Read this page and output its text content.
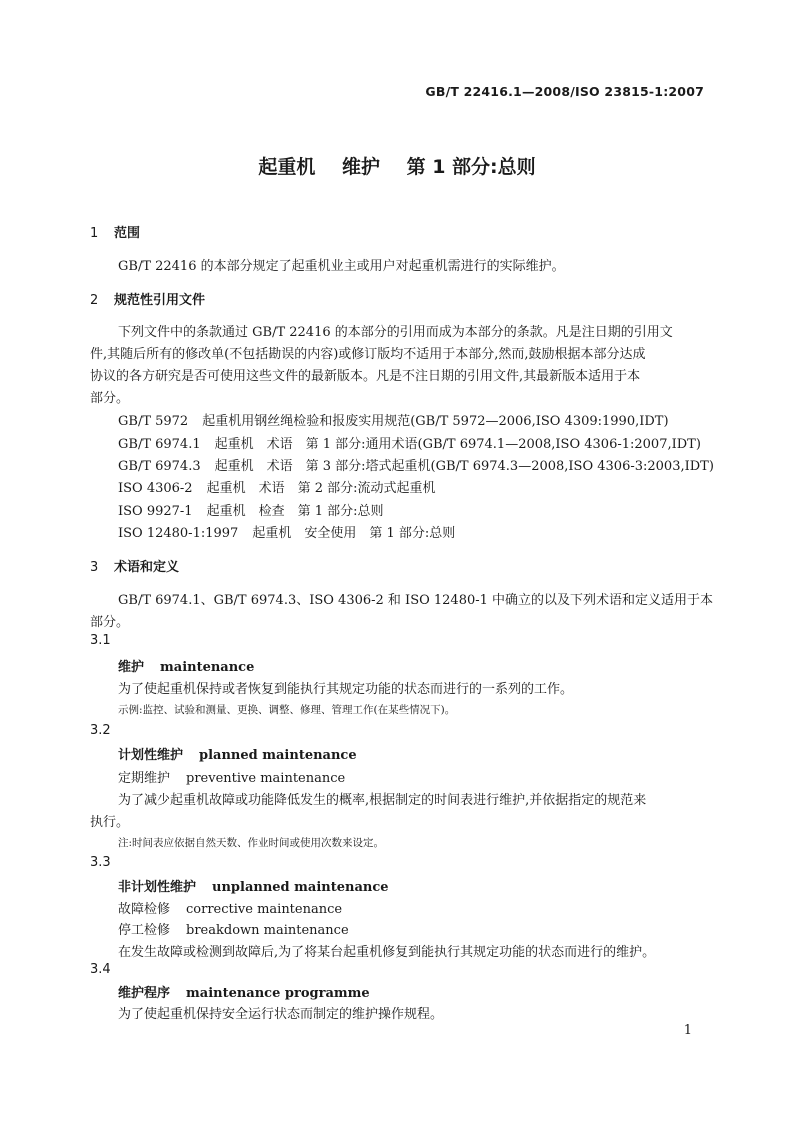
GB/T 22416.1—2008/ISO 23815-1:2007
起重机 维护 第 1 部分:总则
1 范围
GB/T 22416 的本部分规定了起重机业主或用户对起重机需进行的实际维护。
2 规范性引用文件
下列文件中的条款通过 GB/T 22416 的本部分的引用而成为本部分的条款。凡是注日期的引用文
件,其随后所有的修改单(不包括勘误的内容)或修订版均不适用于本部分,然而,鼓励根据本部分达成
协议的各方研究是否可使用这些文件的最新版本。凡是不注日期的引用文件,其最新版本适用于本
部分。
GB/T 5972 起重机用钢丝绳检验和报废实用规范(GB/T 5972—2006,ISO 4309:1990,IDT)
GB/T 6974.1 起重机　术语　第 1 部分:通用术语(GB/T 6974.1—2008,ISO 4306-1:2007,IDT)
GB/T 6974.3 起重机　术语　第 3 部分:塔式起重机(GB/T 6974.3—2008,ISO 4306-3:2003,IDT)
ISO 4306-2 起重机　术语　第 2 部分:流动式起重机
ISO 9927-1 起重机　检查　第 1 部分:总则
ISO 12480-1:1997 起重机　安全使用　第 1 部分:总则
3 术语和定义
GB/T 6974.1、GB/T 6974.3、ISO 4306-2 和 ISO 12480-1 中确立的以及下列术语和定义适用于本
部分。
3.1
维护 maintenance
为了使起重机保持或者恢复到能执行其规定功能的状态而进行的一系列的工作。
示例:监控、试验和测量、更换、调整、修理、管理工作(在某些情况下)。
3.2
计划性维护 planned maintenance
定期维护 preventive maintenance
为了减少起重机故障或功能降低发生的概率,根据制定的时间表进行维护,并依据指定的规范来
执行。
注:时间表应依据自然天数、作业时间或使用次数来设定。
3.3
非计划性维护 unplanned maintenance
故障检修 corrective maintenance
停工检修 breakdown maintenance
在发生故障或检测到故障后,为了将某台起重机修复到能执行其规定功能的状态而进行的维护。
3.4
维护程序 maintenance programme
为了使起重机保持安全运行状态而制定的维护操作规程。
1
